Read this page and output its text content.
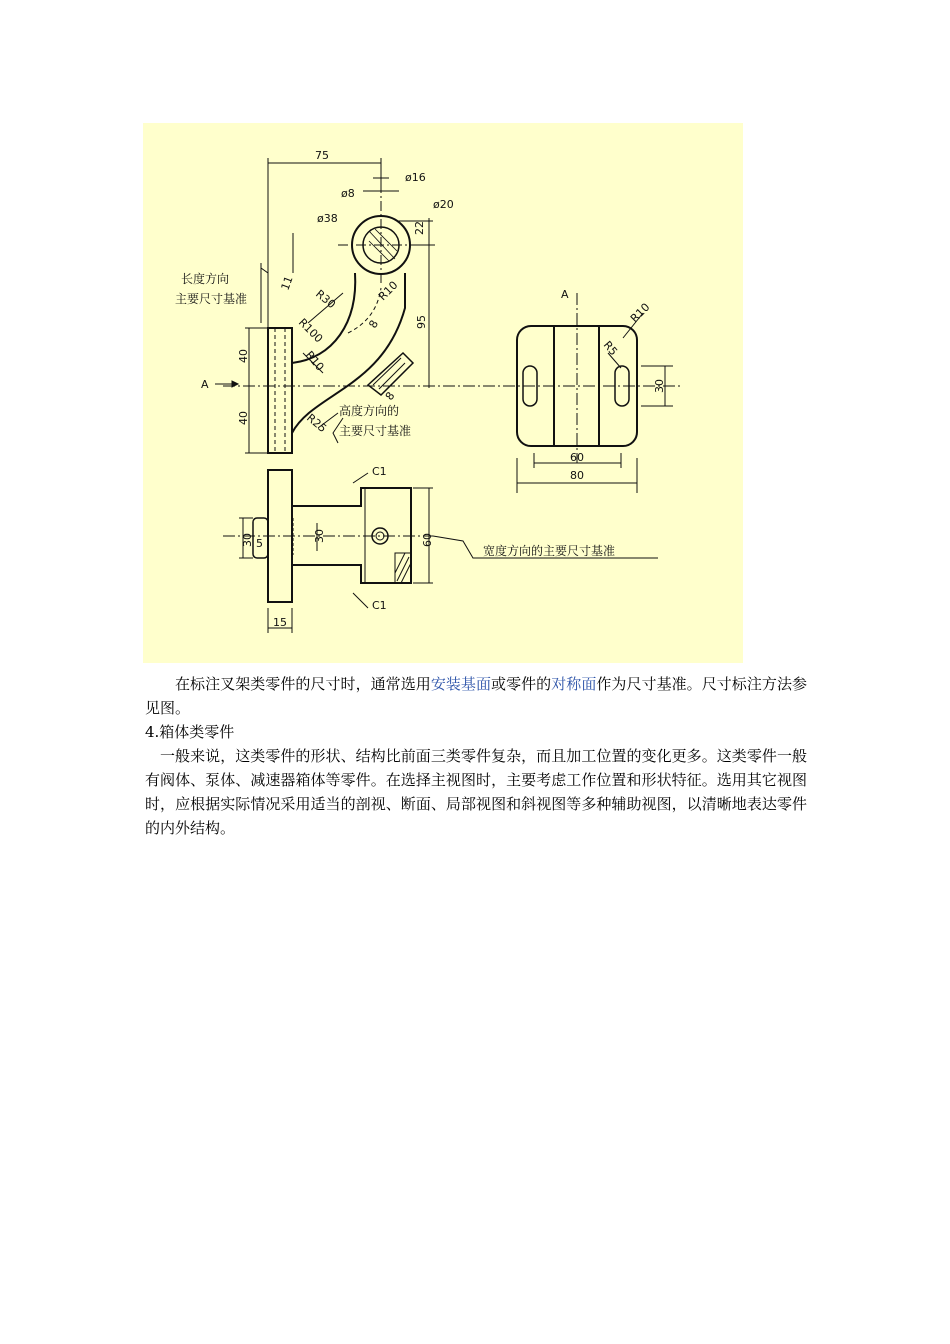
75
ø16
ø8
ø38
ø20
22
11
R30	R10
R100	8	95
R10
40
40	R25
8
A
A
R10
R5
30
60
80
C1
C1
30 5
30	60
15
长度方向
主要尺寸基准
高度方向的
主要尺寸基准
宽度方向的主要尺寸基准

在标注叉架类零件的尺寸时，通常选用安装基面或零件的对称面作为尺寸基准。尺寸标注方法参见图。

4.箱体类零件

一般来说，这类零件的形状、结构比前面三类零件复杂，而且加工位置的变化更多。这类零件一般有阀体、泵体、减速器箱体等零件。在选择主视图时，主要考虑工作位置和形状特征。选用其它视图时，应根据实际情况采用适当的剖视、断面、局部视图和斜视图等多种辅助视图，以清晰地表达零件的内外结构。
